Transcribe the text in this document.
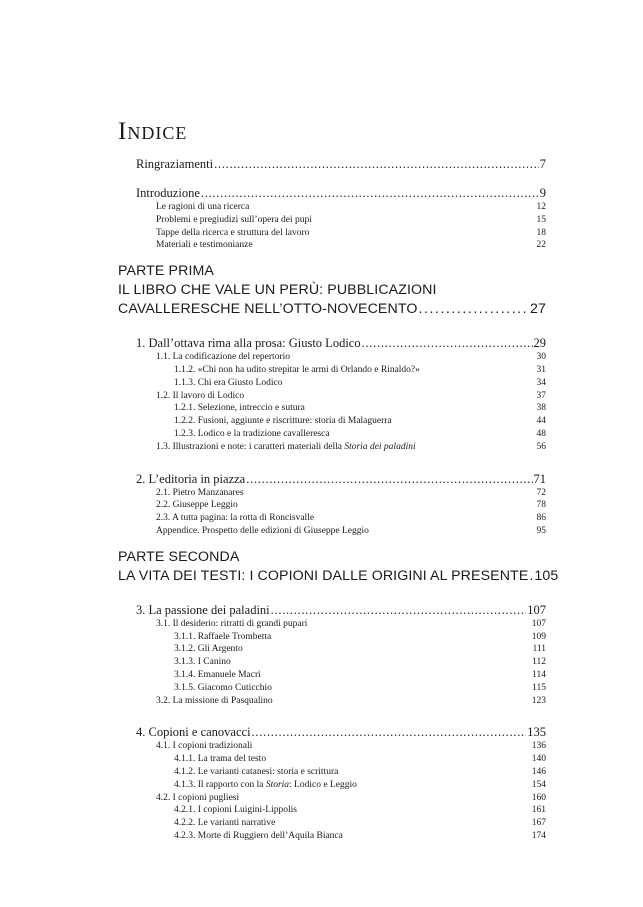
Indice
Ringraziamenti . . .	7
Introduzione . . .	9
Le ragioni di una ricerca	12
Problemi e pregiudizi sull’opera dei pupi	15
Tappe della ricerca e struttura del lavoro	18
Materiali e testimonianze	22
PARTE PRIMA
IL LIBRO CHE VALE UN PERÙ: PUBBLICAZIONI
CAVALLERESCHE NELL’OTTO-NOVECENTO . . .	27
1. Dall’ottava rima alla prosa: Giusto Lodico . . .	29
1.1. La codificazione del repertorio	30
1.1.2. «Chi non ha udito strepitar le armi di Orlando e Rinaldo?»	31
1.1.3. Chi era Giusto Lodico	34
1.2. Il lavoro di Lodico	37
1.2.1. Selezione, intreccio e sutura	38
1.2.2. Fusioni, aggiunte e riscritture: storia di Malaguerra	44
1.2.3. Lodico e la tradizione cavalleresca	48
1.3. Illustrazioni e note: i caratteri materiali della Storia dei paladini	56
2. L’editoria in piazza . . .	71
2.1. Pietro Manzanares	72
2.2. Giuseppe Leggio	78
2.3. A tutta pagina: la rotta di Roncisvalle	86
Appendice. Prospetto delle edizioni di Giuseppe Leggio	95
PARTE SECONDA
LA VITA DEI TESTI: I COPIONI DALLE ORIGINI AL PRESENTE . . . 105
3. La passione dei paladini . . .	107
3.1. Il desiderio: ritratti di grandi pupari	107
3.1.1. Raffaele Trombetta	109
3.1.2. Gli Argento	111
3.1.3. I Canino	112
3.1.4. Emanuele Macrì	114
3.1.5. Giacomo Cuticchio	115
3.2. La missione di Pasqualino	123
4. Copioni e canovacci . . .	135
4.1. I copioni tradizionali	136
4.1.1. La trama del testo	140
4.1.2. Le varianti catanesi: storia e scrittura	146
4.1.3. Il rapporto con la Storia: Lodico e Leggio	154
4.2. I copioni pugliesi	160
4.2.1. I copioni Luigini-Lippolis	161
4.2.2. Le varianti narrative	167
4.2.3. Morte di Ruggiero dell’Aquila Bianca	174
